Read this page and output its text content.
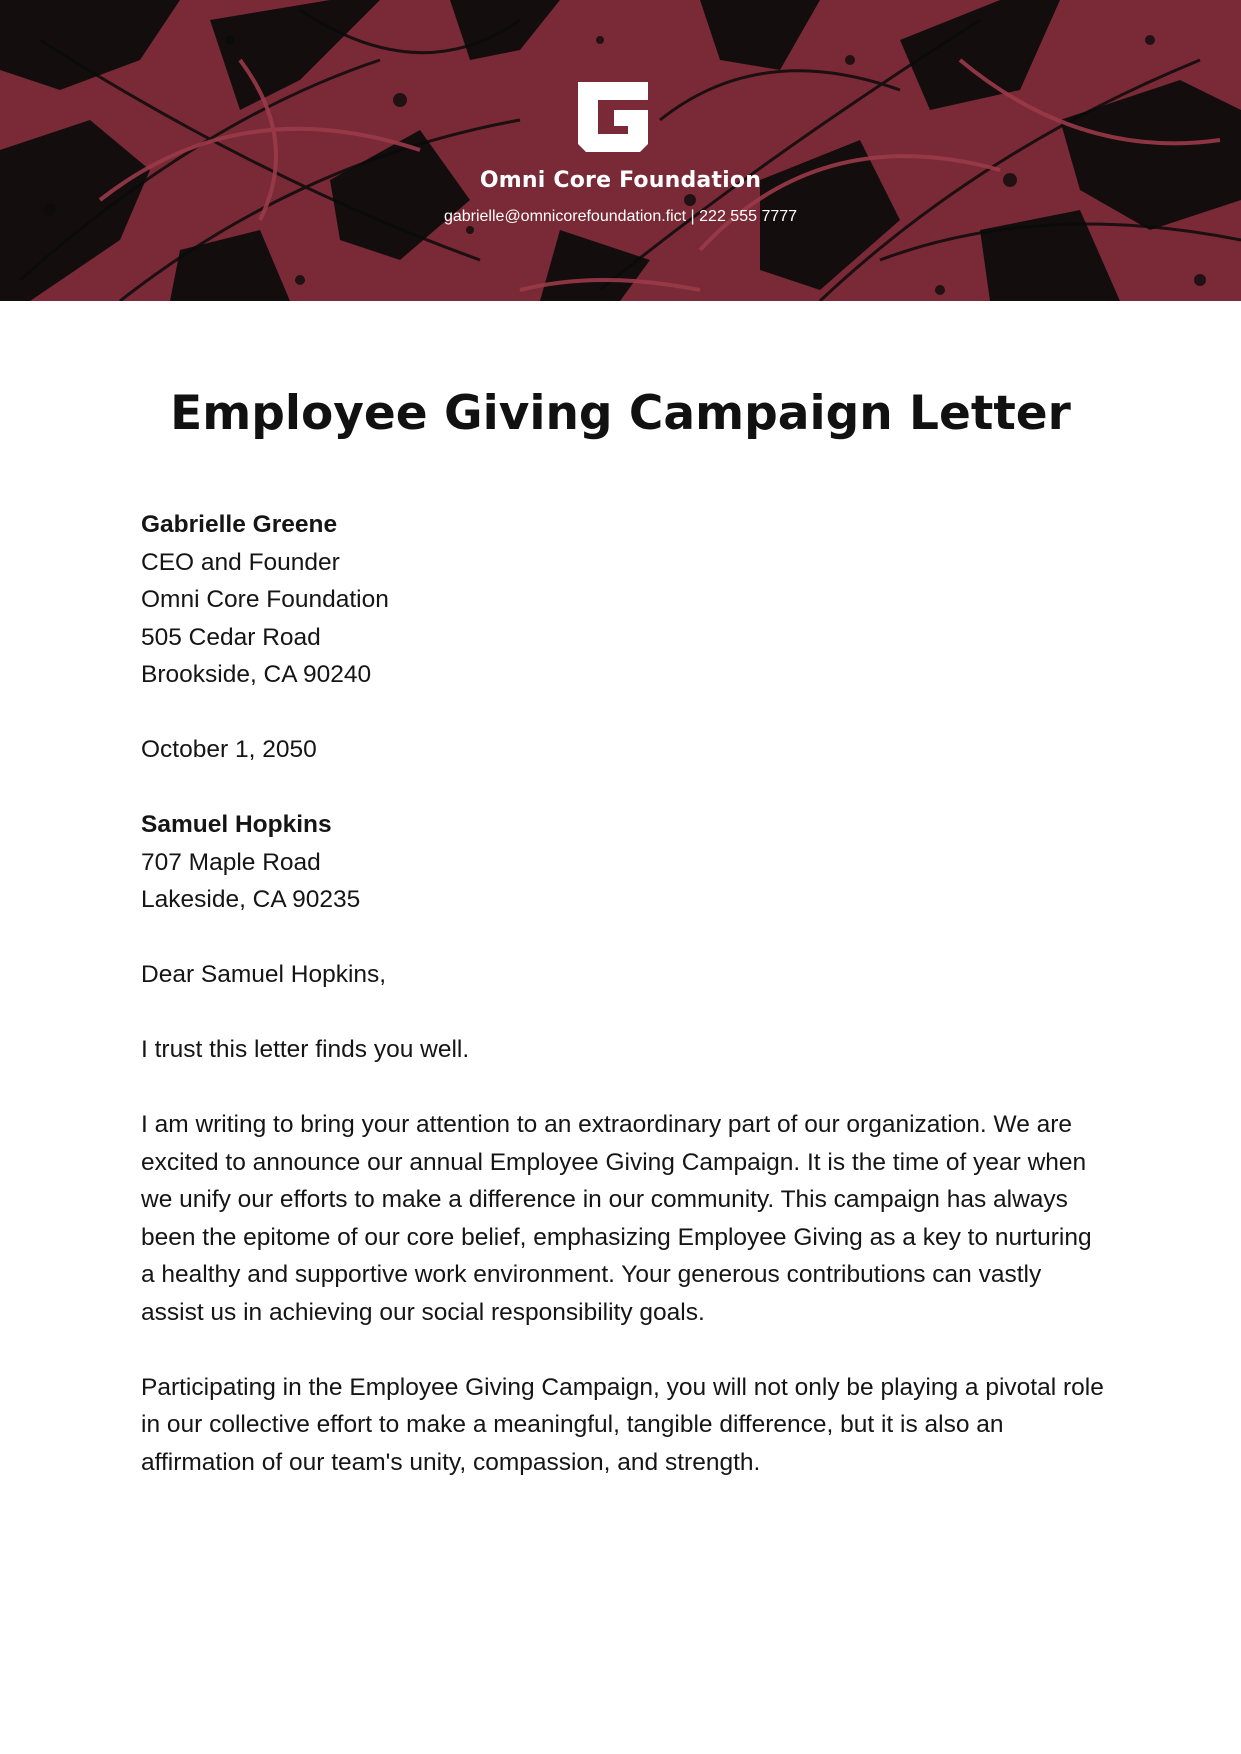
Omni Core Foundation
gabrielle@omnicorefoundation.fict | 222 555 7777
Employee Giving Campaign Letter

Gabrielle Greene
CEO and Founder
Omni Core Foundation
505 Cedar Road
Brookside, CA 90240

October 1, 2050

Samuel Hopkins
707 Maple Road
Lakeside, CA 90235

Dear Samuel Hopkins,

I trust this letter finds you well.

I am writing to bring your attention to an extraordinary part of our organization. We are excited to announce our annual Employee Giving Campaign. It is the time of year when we unify our efforts to make a difference in our community. This campaign has always been the epitome of our core belief, emphasizing Employee Giving as a key to nurturing a healthy and supportive work environment. Your generous contributions can vastly assist us in achieving our social responsibility goals.

Participating in the Employee Giving Campaign, you will not only be playing a pivotal role in our collective effort to make a meaningful, tangible difference, but it is also an affirmation of our team's unity, compassion, and strength.
